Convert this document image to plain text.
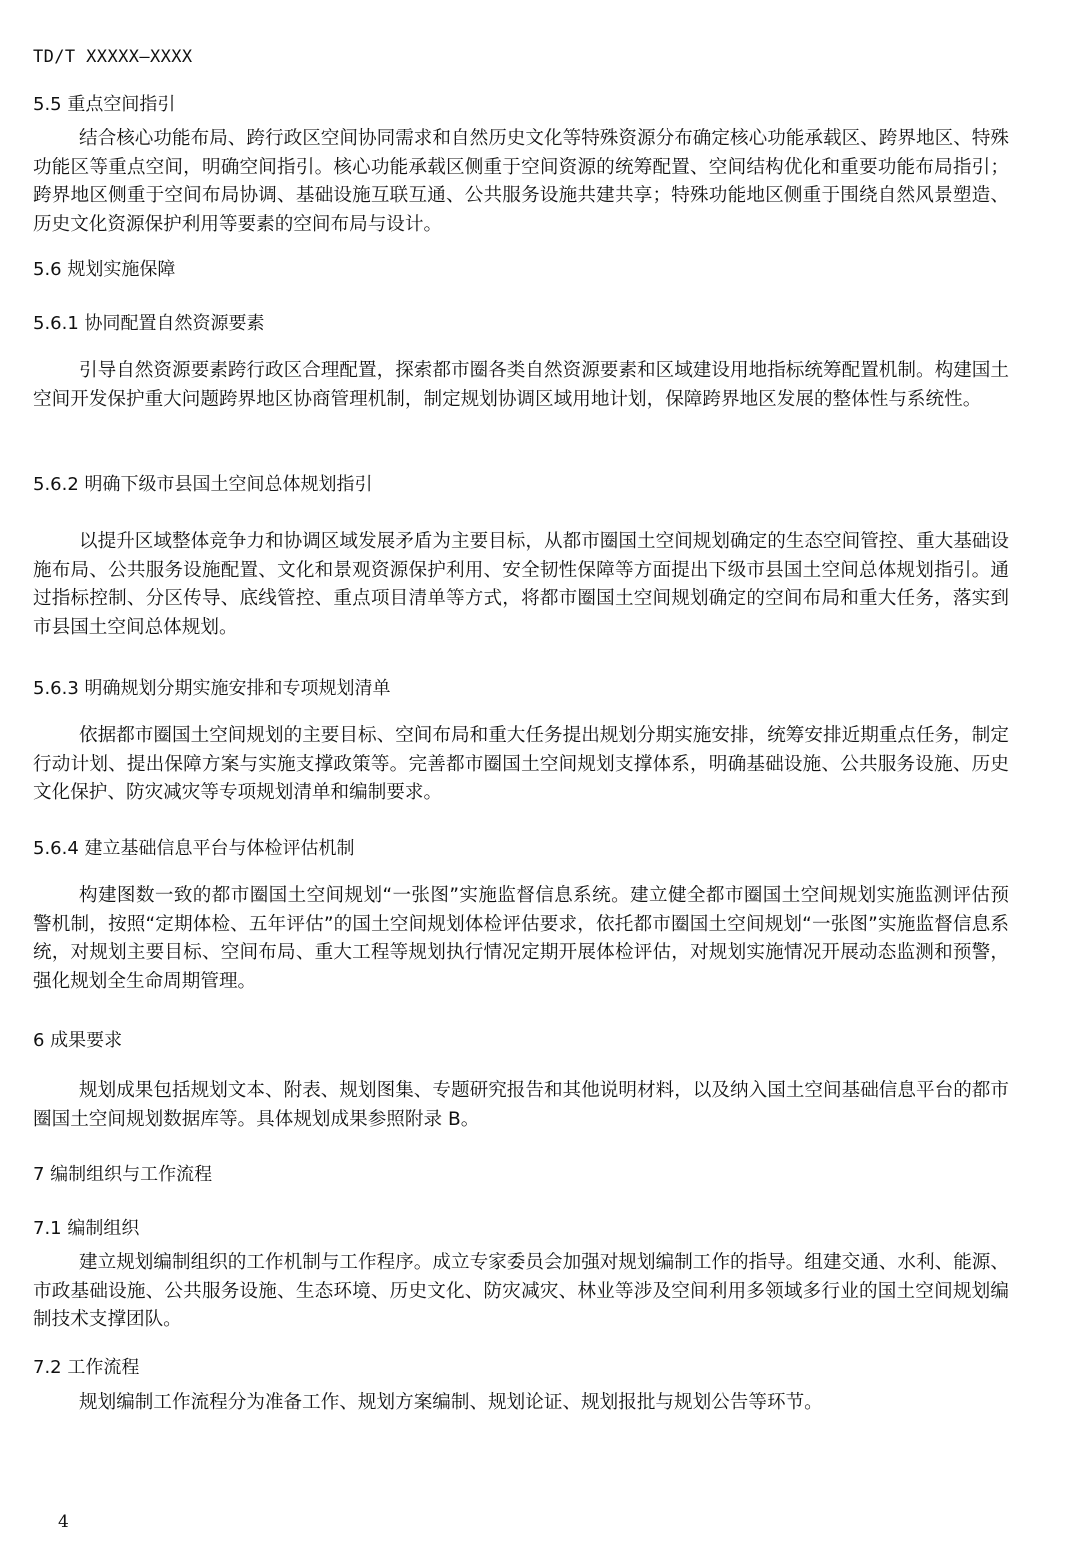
TD/T XXXXX—XXXX
5.5 重点空间指引
结合核心功能布局、跨行政区空间协同需求和自然历史文化等特殊资源分布确定核心功能承载区、跨界地区、特殊功能区等重点空间，明确空间指引。核心功能承载区侧重于空间资源的统筹配置、空间结构优化和重要功能布局指引；跨界地区侧重于空间布局协调、基础设施互联互通、公共服务设施共建共享；特殊功能地区侧重于围绕自然风景塑造、历史文化资源保护利用等要素的空间布局与设计。
5.6 规划实施保障
5.6.1 协同配置自然资源要素
引导自然资源要素跨行政区合理配置，探索都市圈各类自然资源要素和区域建设用地指标统筹配置机制。构建国土空间开发保护重大问题跨界地区协商管理机制，制定规划协调区域用地计划，保障跨界地区发展的整体性与系统性。
5.6.2 明确下级市县国土空间总体规划指引
以提升区域整体竞争力和协调区域发展矛盾为主要目标，从都市圈国土空间规划确定的生态空间管控、重大基础设施布局、公共服务设施配置、文化和景观资源保护利用、安全韧性保障等方面提出下级市县国土空间总体规划指引。通过指标控制、分区传导、底线管控、重点项目清单等方式，将都市圈国土空间规划确定的空间布局和重大任务，落实到市县国土空间总体规划。
5.6.3 明确规划分期实施安排和专项规划清单
依据都市圈国土空间规划的主要目标、空间布局和重大任务提出规划分期实施安排，统筹安排近期重点任务，制定行动计划、提出保障方案与实施支撑政策等。完善都市圈国土空间规划支撑体系，明确基础设施、公共服务设施、历史文化保护、防灾减灾等专项规划清单和编制要求。
5.6.4 建立基础信息平台与体检评估机制
构建图数一致的都市圈国土空间规划“一张图”实施监督信息系统。建立健全都市圈国土空间规划实施监测评估预警机制，按照“定期体检、五年评估”的国土空间规划体检评估要求，依托都市圈国土空间规划“一张图”实施监督信息系统，对规划主要目标、空间布局、重大工程等规划执行情况定期开展体检评估，对规划实施情况开展动态监测和预警，强化规划全生命周期管理。
6 成果要求
规划成果包括规划文本、附表、规划图集、专题研究报告和其他说明材料，以及纳入国土空间基础信息平台的都市圈国土空间规划数据库等。具体规划成果参照附录 B。
7 编制组织与工作流程
7.1 编制组织
建立规划编制组织的工作机制与工作程序。成立专家委员会加强对规划编制工作的指导。组建交通、水利、能源、市政基础设施、公共服务设施、生态环境、历史文化、防灾减灾、林业等涉及空间利用多领域多行业的国土空间规划编制技术支撑团队。
7.2 工作流程
规划编制工作流程分为准备工作、规划方案编制、规划论证、规划报批与规划公告等环节。
4
